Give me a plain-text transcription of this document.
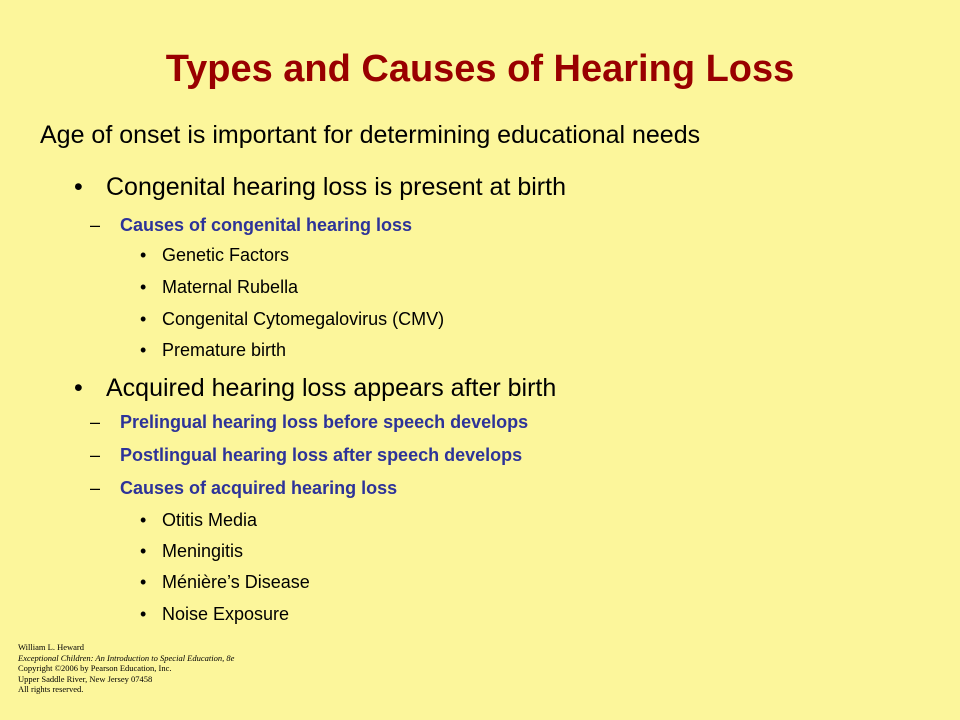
Types and Causes of Hearing Loss
Age of onset is important for determining educational needs
• Congenital hearing loss is present at birth
– Causes of congenital hearing loss
• Genetic Factors
• Maternal Rubella
• Congenital Cytomegalovirus (CMV)
• Premature birth
• Acquired hearing loss appears after birth
– Prelingual hearing loss before speech develops
– Postlingual hearing loss after speech develops
– Causes of acquired hearing loss
• Otitis Media
• Meningitis
• Ménière’s Disease
• Noise Exposure
William L. Heward
Exceptional Children: An Introduction to Special Education, 8e
Copyright ©2006 by Pearson Education, Inc.
Upper Saddle River, New Jersey 07458
All rights reserved.
